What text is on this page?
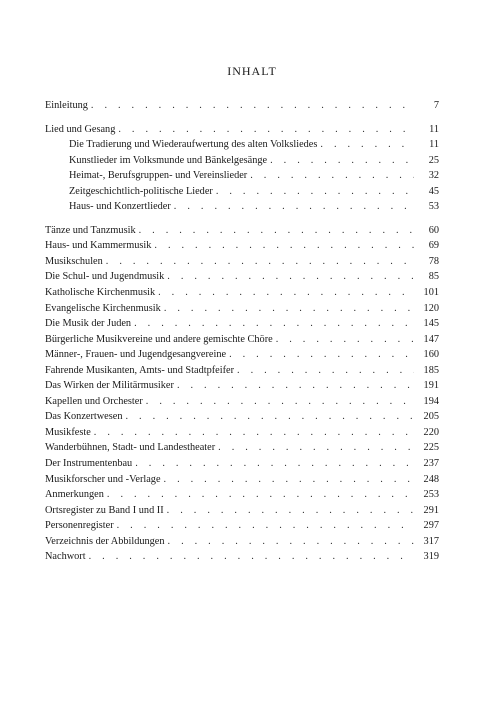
INHALT
Einleitung . . .	7
Lied und Gesang . . .	11
Die Tradierung und Wiederaufwertung des alten Volksliedes . . .	11
Kunstlieder im Volksmunde und Bänkelgesänge . . .	25
Heimat-, Berufsgruppen- und Vereinslieder . . .	32
Zeitgeschichtlich-politische Lieder . . .	45
Haus- und Konzertlieder . . .	53
Tänze und Tanzmusik . . .	60
Haus- und Kammermusik . . .	69
Musikschulen . . .	78
Die Schul- und Jugendmusik . . .	85
Katholische Kirchenmusik . . .	101
Evangelische Kirchenmusik . . .	120
Die Musik der Juden . . .	145
Bürgerliche Musikvereine und andere gemischte Chöre . . .	147
Männer-, Frauen- und Jugendgesangvereine . . .	160
Fahrende Musikanten, Amts- und Stadtpfeifer . . .	185
Das Wirken der Militärmusiker . . .	191
Kapellen und Orchester . . .	194
Das Konzertwesen . . .	205
Musikfeste . . .	220
Wanderbühnen, Stadt- und Landestheater . . .	225
Der Instrumentenbau . . .	237
Musikforscher und -Verlage . . .	248
Anmerkungen . . .	253
Ortsregister zu Band I und II . . .	291
Personenregister . . .	297
Verzeichnis der Abbildungen . . .	317
Nachwort . . .	319
